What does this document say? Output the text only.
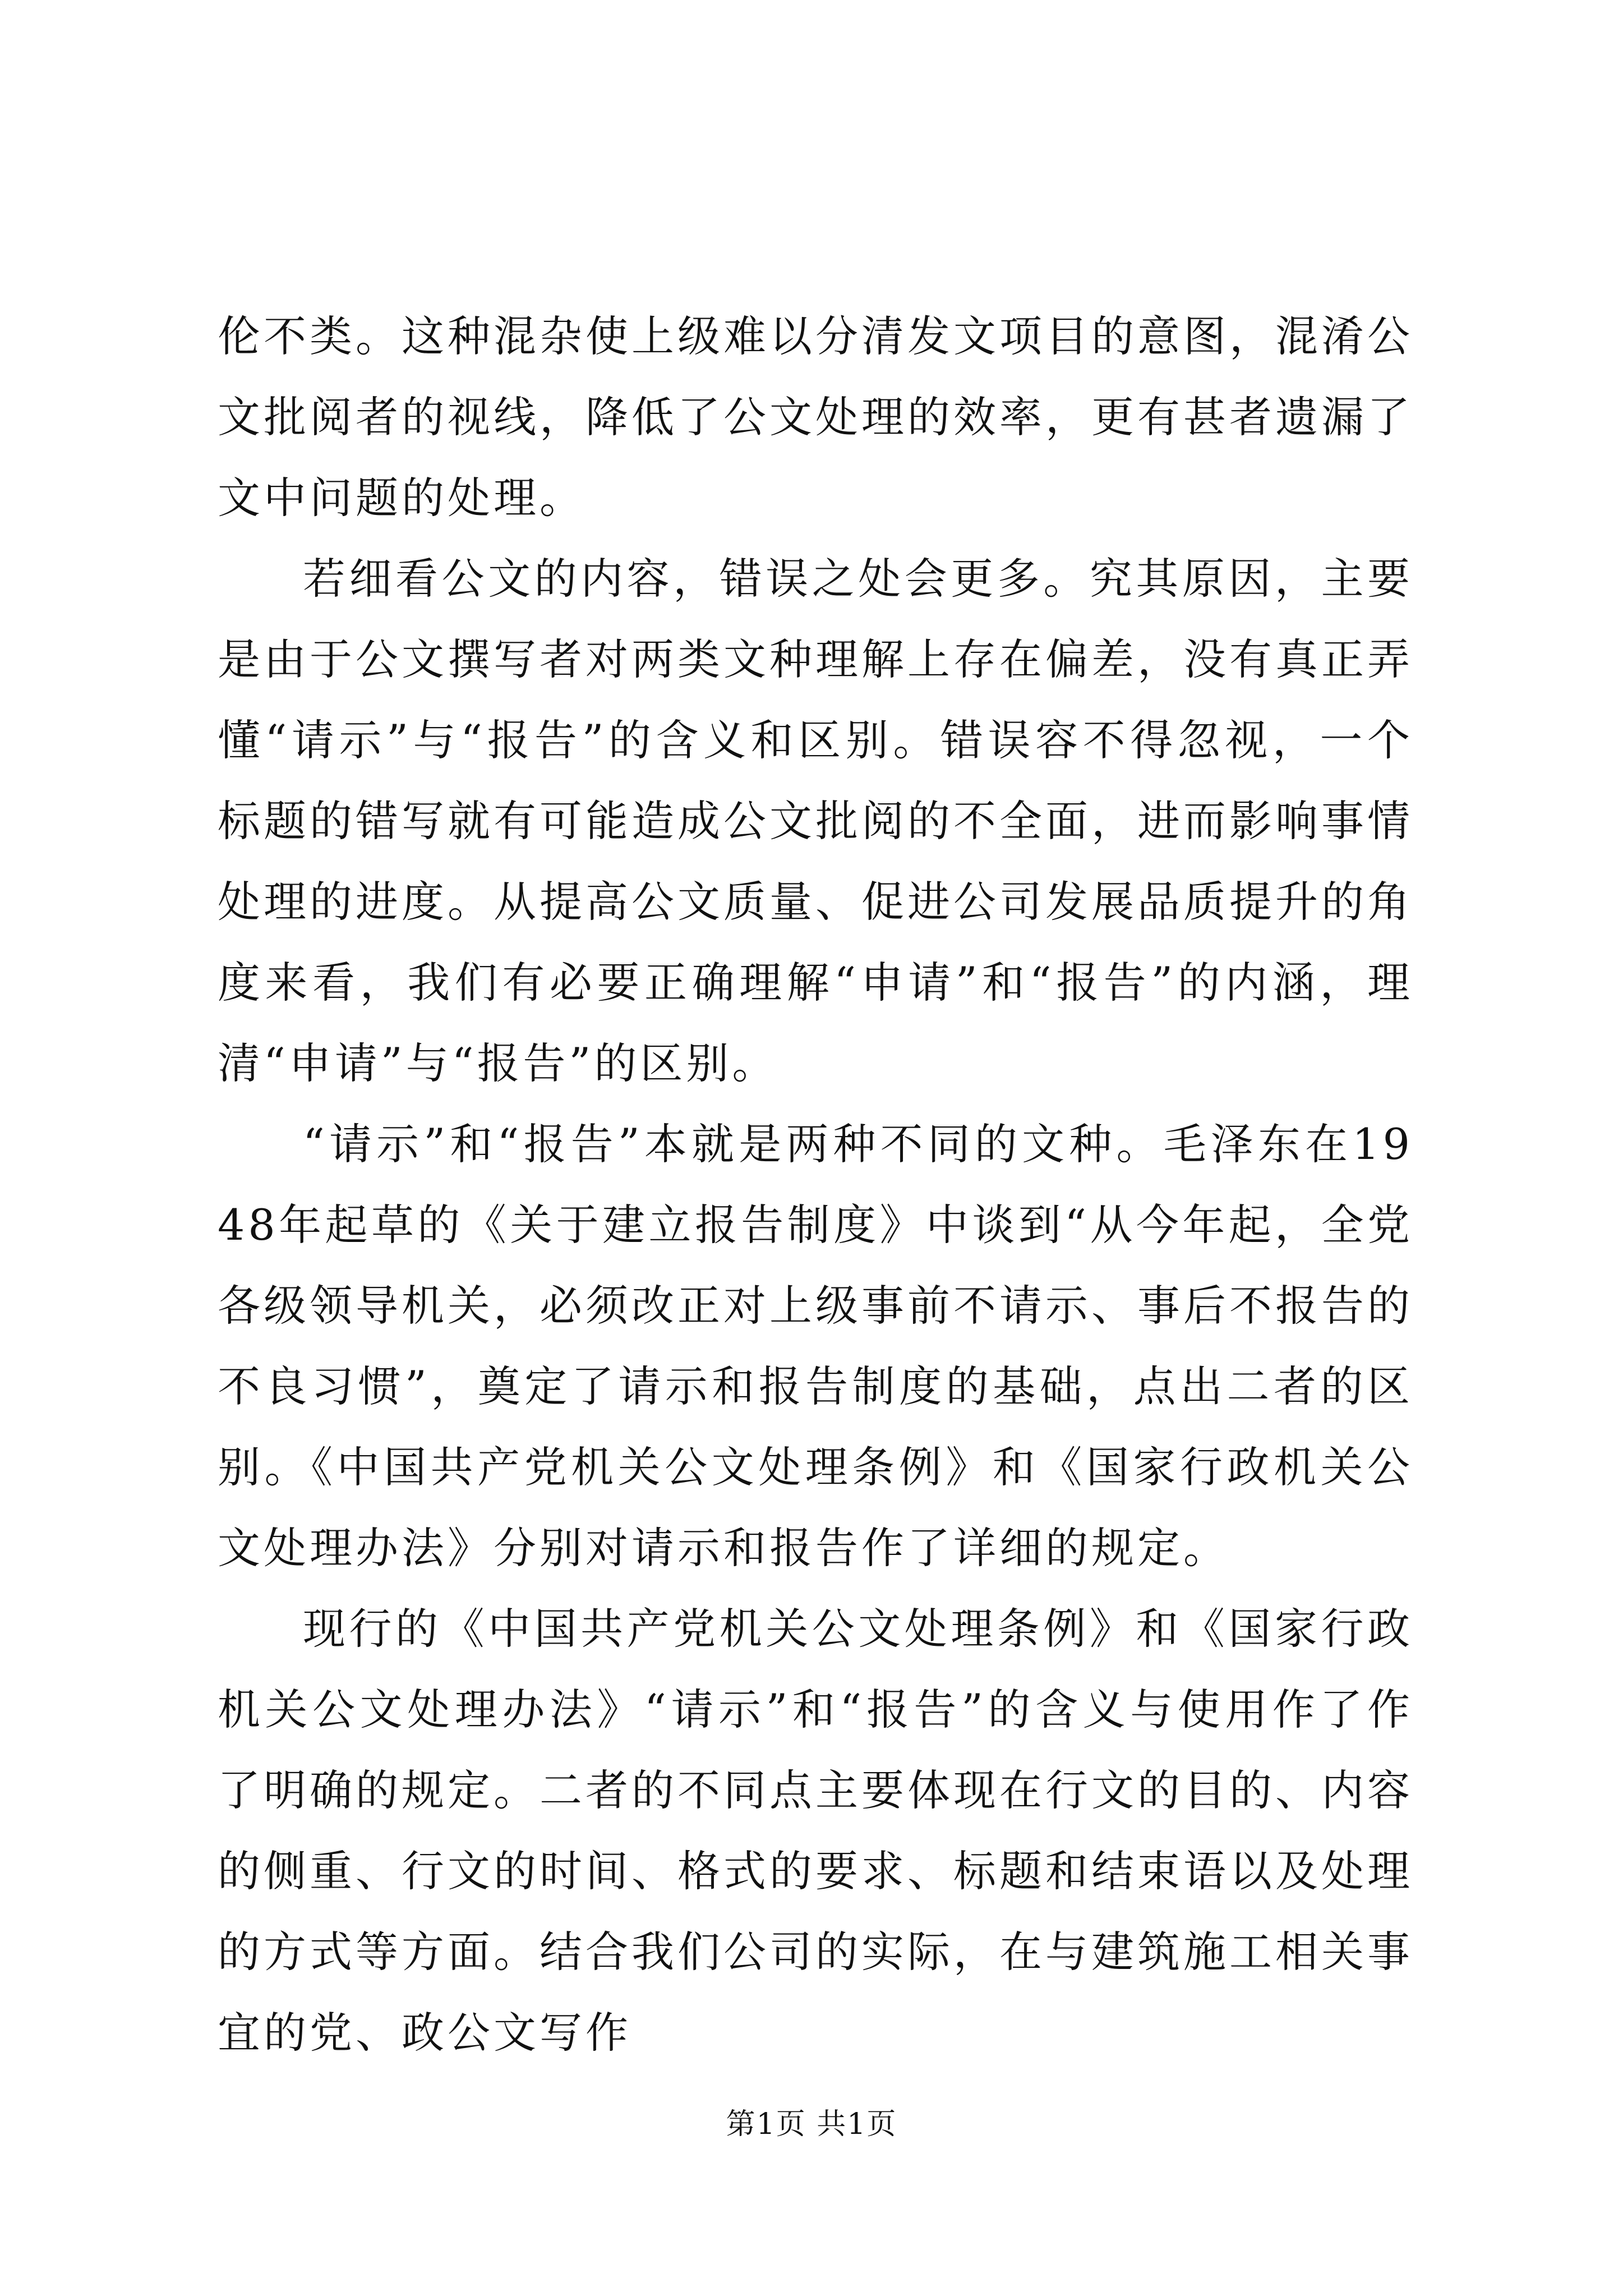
伦不类。这种混杂使上级难以分清发文项目的意图，混淆公文批阅者的视线，降低了公文处理的效率，更有甚者遗漏了文中问题的处理。

若细看公文的内容，错误之处会更多。究其原因，主要是由于公文撰写者对两类文种理解上存在偏差，没有真正弄懂“请示”与“报告”的含义和区别。错误容不得忽视，一个标题的错写就有可能造成公文批阅的不全面，进而影响事情处理的进度。从提高公文质量、促进公司发展品质提升的角度来看，我们有必要正确理解“申请”和“报告”的内涵，理清“申请”与“报告”的区别。

“请示”和“报告”本就是两种不同的文种。毛泽东在1948年起草的《关于建立报告制度》中谈到“从今年起，全党各级领导机关，必须改正对上级事前不请示、事后不报告的不良习惯”，奠定了请示和报告制度的基础，点出二者的区别。《中国共产党机关公文处理条例》和《国家行政机关公文处理办法》分别对请示和报告作了详细的规定。

现行的《中国共产党机关公文处理条例》和《国家行政机关公文处理办法》“请示”和“报告”的含义与使用作了作了明确的规定。二者的不同点主要体现在行文的目的、内容的侧重、行文的时间、格式的要求、标题和结束语以及处理的方式等方面。结合我们公司的实际，在与建筑施工相关事宜的党、政公文写作

第1页 共1页
